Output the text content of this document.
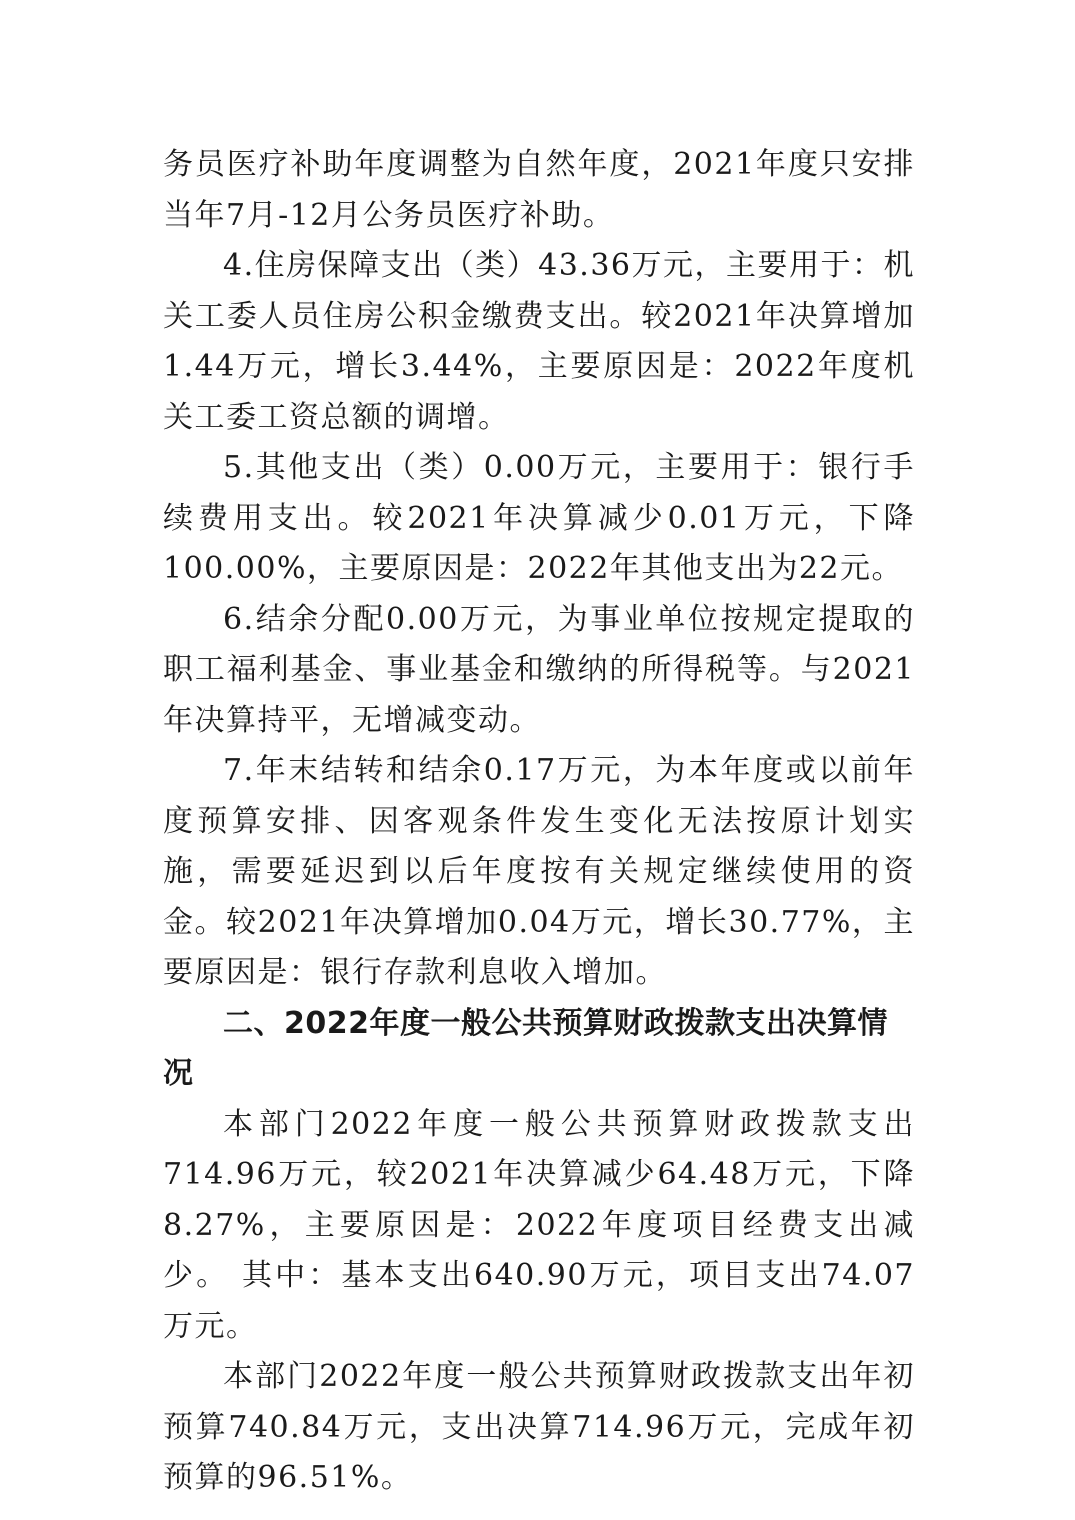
务员医疗补助年度调整为自然年度，2021年度只安排当年7月-12月公务员医疗补助。

4.住房保障支出（类）43.36万元，主要用于：机关工委人员住房公积金缴费支出。较2021年决算增加1.44万元，增长3.44%，主要原因是：2022年度机关工委工资总额的调增。

5.其他支出（类）0.00万元，主要用于：银行手续费用支出。较2021年决算减少0.01万元，下降100.00%，主要原因是：2022年其他支出为22元。

6.结余分配0.00万元，为事业单位按规定提取的职工福利基金、事业基金和缴纳的所得税等。与2021年决算持平，无增减变动。

7.年末结转和结余0.17万元，为本年度或以前年度预算安排、因客观条件发生变化无法按原计划实施，需要延迟到以后年度按有关规定继续使用的资金。较2021年决算增加0.04万元，增长30.77%，主要原因是：银行存款利息收入增加。

二、2022年度一般公共预算财政拨款支出决算情况

本部门2022年度一般公共预算财政拨款支出714.96万元，较2021年决算减少64.48万元，下降8.27%，主要原因是：2022年度项目经费支出减少。 其中：基本支出640.90万元，项目支出74.07万元。

本部门2022年度一般公共预算财政拨款支出年初预算740.84万元，支出决算714.96万元，完成年初预算的96.51%。
